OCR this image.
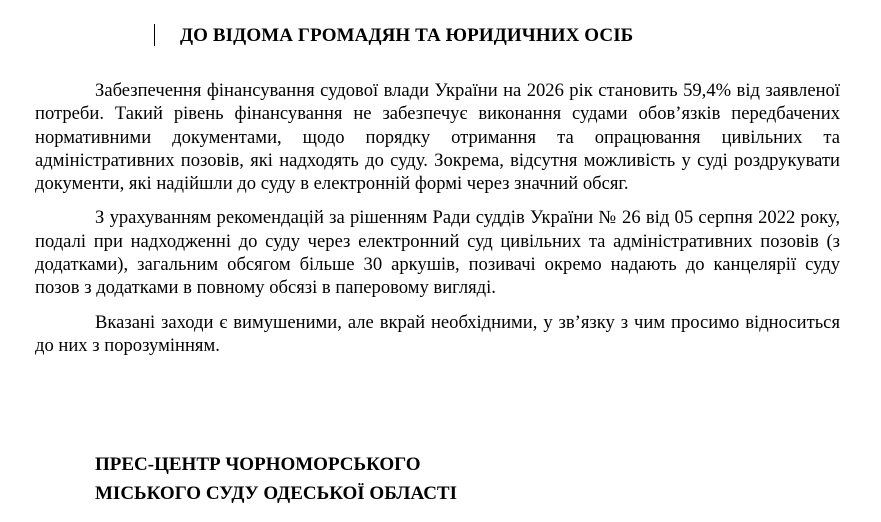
ДО ВІДОМА ГРОМАДЯН ТА ЮРИДИЧНИХ ОСІБ

Забезпечення фінансування судової влади України на 2026 рік становить 59,4% від заявленої потреби. Такий рівень фінансування не забезпечує виконання судами обов’язків передбачених нормативними документами, щодо порядку отримання та опрацювання цивільних та адміністративних позовів, які надходять до суду. Зокрема, відсутня можливість у суді роздрукувати документи, які надійшли до суду в електронній формі через значний обсяг.

З урахуванням рекомендацій за рішенням Ради суддів України № 26 від 05 серпня 2022 року, подалі при надходженні до суду через електронний суд цивільних та адміністративних позовів (з додатками), загальним обсягом більше 30 аркушів, позивачі окремо надають до канцелярії суду позов з додатками в повному обсязі в паперовому вигляді.

Вказані заходи є вимушеними, але вкрай необхідними, у зв’язку з чим просимо відноситься до них з порозумінням.

ПРЕС-ЦЕНТР ЧОРНОМОРСЬКОГО
МІСЬКОГО СУДУ ОДЕСЬКОЇ ОБЛАСТІ
